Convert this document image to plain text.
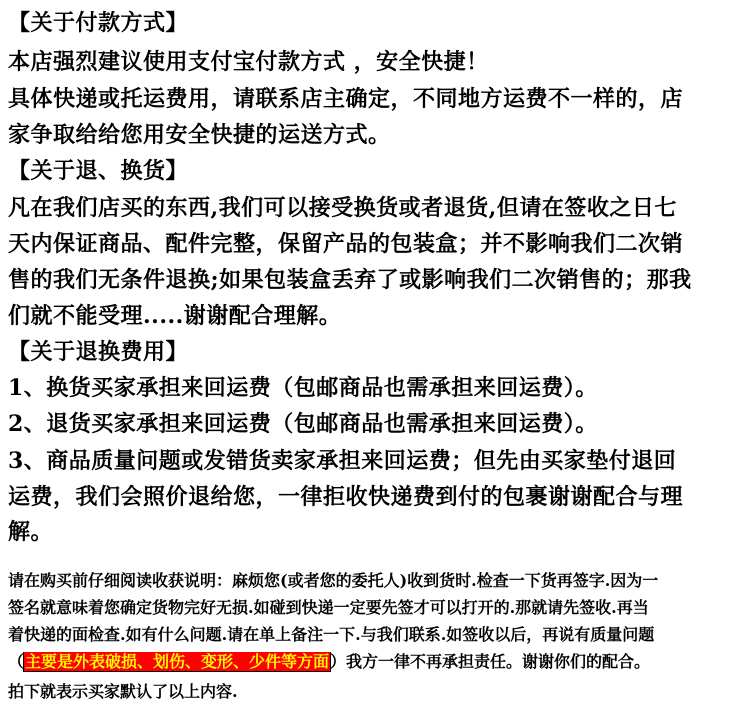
【关于付款方式】
本店强烈建议使用支付宝付款方式 ，安全快捷！
具体快递或托运费用，请联系店主确定，不同地方运费不一样的，店
家争取给给您用安全快捷的运送方式。
【关于退、换货】
凡在我们店买的东西,我们可以接受换货或者退货,但请在签收之日七
天内保证商品、配件完整，保留产品的包装盒；并不影响我们二次销
售的我们无条件退换;如果包装盒丢弃了或影响我们二次销售的；那我
们就不能受理.....谢谢配合理解。
【关于退换费用】
1、换货买家承担来回运费（包邮商品也需承担来回运费）。
2、退货买家承担来回运费（包邮商品也需承担来回运费）。
3、商品质量问题或发错货卖家承担来回运费；但先由买家垫付退回
运费，我们会照价退给您，一律拒收快递费到付的包裹谢谢配合与理
解。
请在购买前仔细阅读收获说明：麻烦您(或者您的委托人)收到货时.检查一下货再签字.因为一
签名就意味着您确定货物完好无损.如碰到快递一定要先签才可以打开的.那就请先签收.再当
着快递的面检查.如有什么问题.请在单上备注一下.与我们联系.如签收以后，再说有质量问题
（主要是外表破损、划伤、变形、少件等方面）我方一律不再承担责任。谢谢你们的配合。
拍下就表示买家默认了以上内容.
